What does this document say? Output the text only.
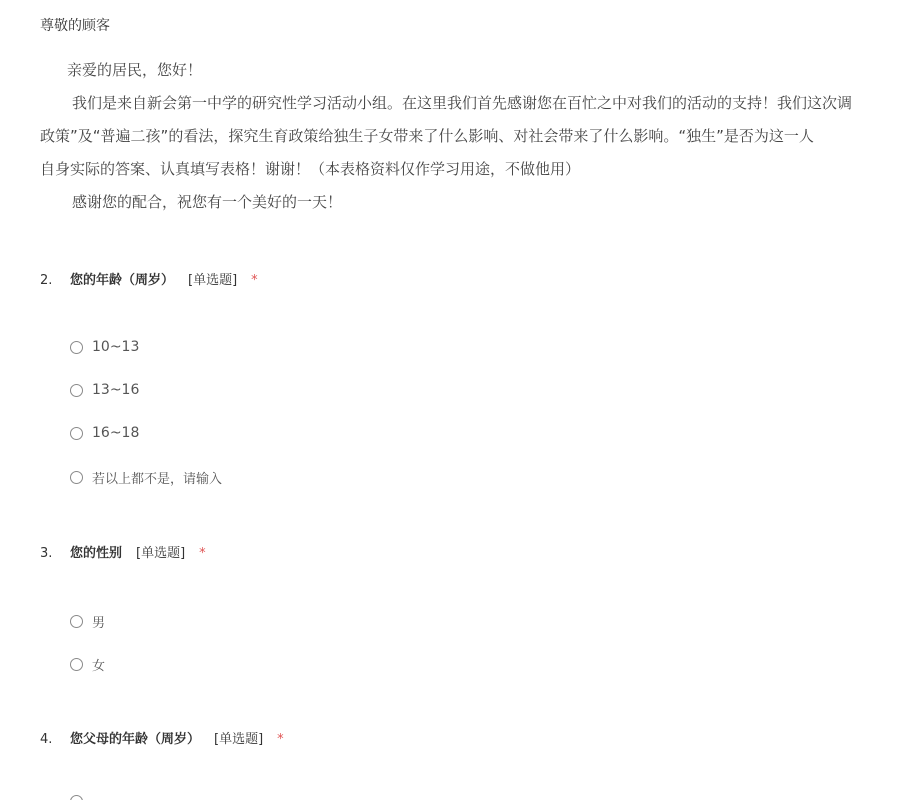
尊敬的顾客

亲爱的居民，您好！

我们是来自新会第一中学的研究性学习活动小组。在这里我们首先感谢您在百忙之中对我们的活动的支持！我们这次调

政策”及“普遍二孩”的看法，探究生育政策给独生子女带来了什么影响、对社会带来了什么影响。“独生”是否为这一人

自身实际的答案、认真填写表格！谢谢！（本表格资料仅作学习用途，不做他用）

感谢您的配合，祝您有一个美好的一天！

2. 您的年龄（周岁） [单选题] *
10~13
13~16
16~18
若以上都不是，请输入
3. 您的性别 [单选题] *
男
女
4. 您父母的年龄（周岁） [单选题] *
